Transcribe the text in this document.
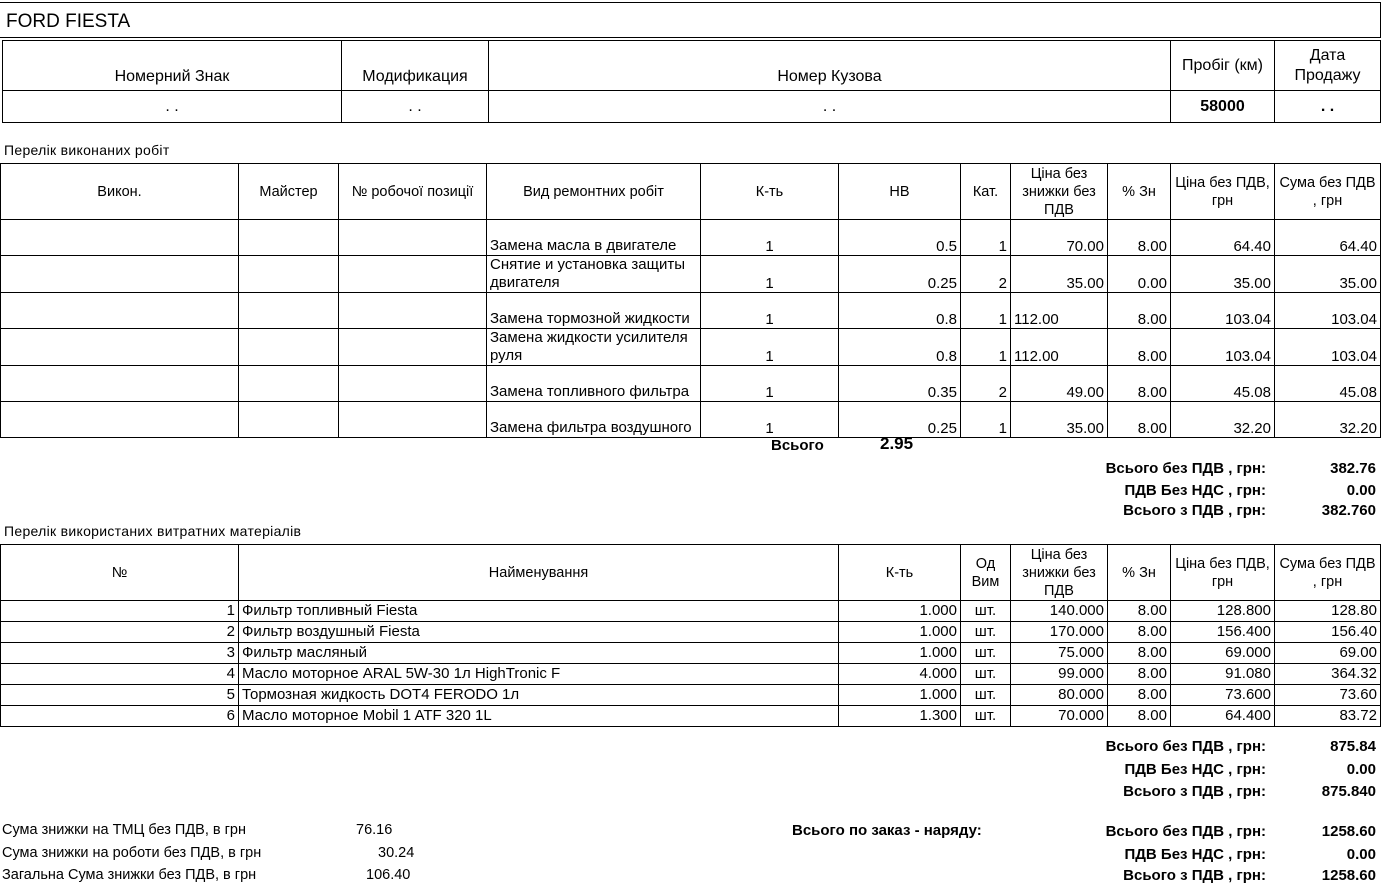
FORD FIESTA
Номерний Знак	Модификация	Номер Кузова	Пробіг (км)	Дата Продажу
. .	. .	. .	58000	. .
Перелік виконаних робіт
Викон.	Майстер	№ робочої позиції	Вид ремонтних робіт	К-ть	НВ	Кат.	Ціна без знижки без ПДВ	% Зн	Ціна без ПДВ, грн	Сума без ПДВ , грн
			Замена масла в двигателе	1	0.5	1	70.00	8.00	64.40	64.40
			Снятие и установка защиты двигателя	1	0.25	2	35.00	0.00	35.00	35.00
			Замена тормозной жидкости	1	0.8	1	112.00	8.00	103.04	103.04
			Замена жидкости усилителя руля	1	0.8	1	112.00	8.00	103.04	103.04
			Замена топливного фильтра	1	0.35	2	49.00	8.00	45.08	45.08
			Замена фильтра воздушного	1	0.25	1	35.00	8.00	32.20	32.20
Всього	2.95
Всього без ПДВ , грн:	382.76
ПДВ Без НДС , грн:	0.00
Всього з ПДВ , грн:	382.760
Перелік використаних витратних матеріалів
№	Найменування	К-ть	Од Вим	Ціна без знижки без ПДВ	% Зн	Ціна без ПДВ, грн	Сума без ПДВ , грн
1	Фильтр топливный Fiesta	1.000	шт.	140.000	8.00	128.800	128.80
2	Фильтр воздушный Fiesta	1.000	шт.	170.000	8.00	156.400	156.40
3	Фильтр масляный	1.000	шт.	75.000	8.00	69.000	69.00
4	Масло моторное ARAL 5W-30 1л HighTronic F	4.000	шт.	99.000	8.00	91.080	364.32
5	Тормозная жидкость DOT4 FERODO 1л	1.000	шт.	80.000	8.00	73.600	73.60
6	Масло моторное Mobil 1 ATF 320 1L	1.300	шт.	70.000	8.00	64.400	83.72
Всього без ПДВ , грн:	875.84
ПДВ Без НДС , грн:	0.00
Всього з ПДВ , грн:	875.840
Сума знижки на ТМЦ без ПДВ, в грн	76.16
Сума знижки на роботи без ПДВ, в грн	30.24
Загальна Сума знижки без ПДВ, в грн	106.40
Всього по заказ - наряду:	Всього без ПДВ , грн:	1258.60
ПДВ Без НДС , грн:	0.00
Всього з ПДВ , грн:	1258.60
